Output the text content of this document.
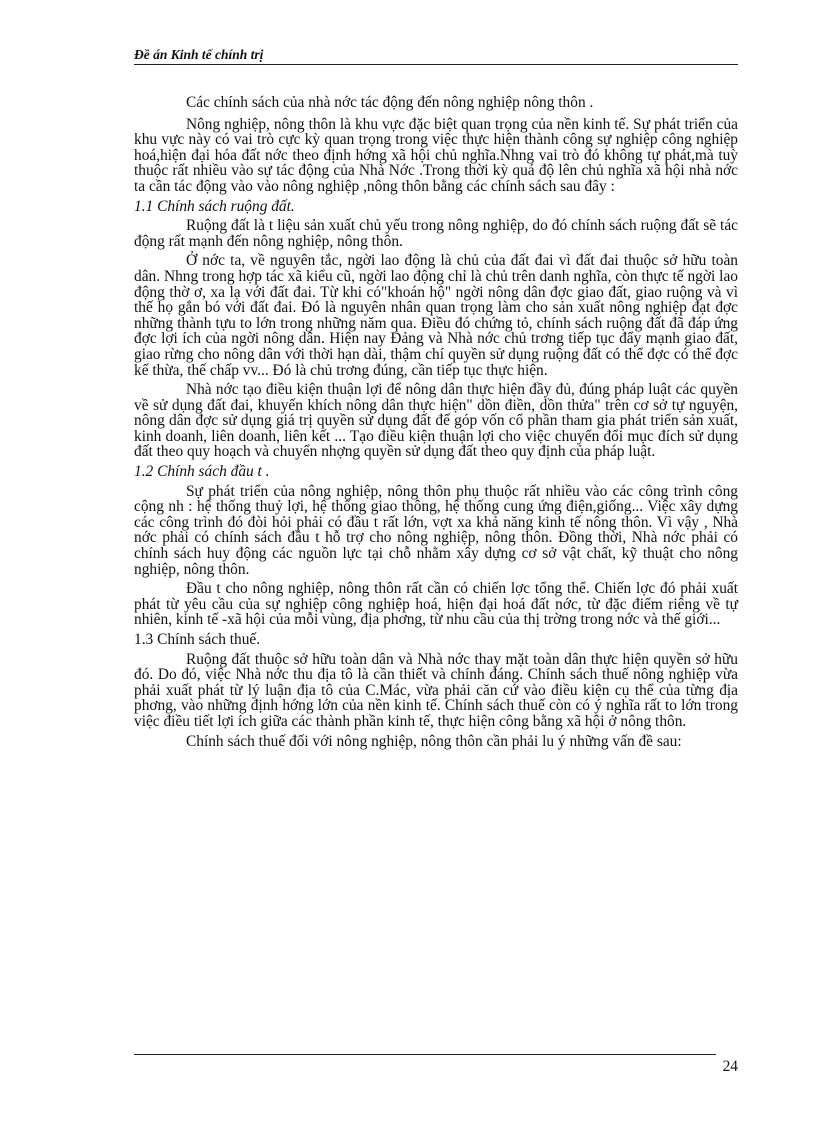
Đề án Kinh tế chính trị

Các chính sách của nhà nớc tác động đến nông nghiệp nông thôn .

Nông nghiệp, nông thôn là khu vực đặc biệt quan trọng của nền kinh tế. Sự phát triển của khu vực này có vai trò cực kỳ quan trọng trong việc thực hiện thành công sự nghiệp công nghiệp hoá,hiện đại hóa đất nớc theo định hớng xã hội chủ nghĩa.Nhng vai trò đó không tự phát,mà tuỳ thuộc rất nhiều vào sự tác động của Nhà Nớc .Trong thời kỳ quá độ lên chủ nghĩa xã hội nhà nớc ta cần tác động vào vào nông nghiệp ,nông thôn bằng các chính sách sau đây :

1.1 Chính sách ruộng đất.

Ruộng đất là t liệu sản xuất chủ yếu trong nông nghiệp, do đó chính sách ruộng đất sẽ tác động rất mạnh đến nông nghiệp, nông thôn.

Ở nớc ta, về nguyên tắc, ngời lao động là chủ của đất đai vì đất đai thuộc sở hữu toàn dân. Nhng trong hợp tác xã kiểu cũ, ngời lao động chỉ là chủ trên danh nghĩa, còn thực tế ngời lao động thờ ơ, xa lạ với đất đai. Từ khi có"khoán hộ" ngời nông dân đợc giao đất, giao ruộng và vì thế họ gắn bó với đất đai. Đó là nguyên nhân quan trọng làm cho sản xuất nông nghiệp đạt đợc những thành tựu to lớn trong những năm qua. Điều đó chứng tỏ, chính sách ruộng đất đã đáp ứng đợc lợi ích của ngời nông dân. Hiện nay Đảng và Nhà nớc chủ trơng tiếp tục đẩy mạnh giao đất, giao rừng cho nông dân với thời hạn dài, thậm chí quyền sử dụng ruộng đất có thể đợc có thể đợc kế thừa, thế chấp vv... Đó là chủ trơng đúng, cần tiếp tục thực hiện.

Nhà nớc tạo điều kiện thuận lợi để nông dân thực hiện đầy đủ, đúng pháp luật các quyền về sử dụng đất đai, khuyến khích nông dân thực hiện" dồn điền, dồn thửa" trên cơ sở tự nguyện, nông dân đợc sử dụng giá trị quyền sử dụng đất để góp vốn cổ phần tham gia phát triển sản xuất, kinh doanh, liên doanh, liên kết ... Tạo điều kiện thuận lợi cho việc chuyển đổi mục đích sử dụng đất theo quy hoạch và chuyển nhợng quyền sử dụng đất theo quy định của pháp luật.

1.2 Chính sách đầu t .

Sự phát triển của nông nghiệp, nông thôn phụ thuộc rất nhiều vào các công trình công cộng nh : hệ thống thuỷ lợi, hệ thống giao thông, hệ thống cung ứng điện,giống... Việc xây dựng các công trình đó đòi hỏi phải có đầu t rất lớn, vợt xa khả năng kinh tế nông thôn. Vì vậy , Nhà nớc phải có chính sách đầu t hỗ trợ cho nông nghiệp, nông thôn. Đồng thời, Nhà nớc phải có chính sách huy động các nguồn lực tại chỗ nhằm xây dựng cơ sở vật chất, kỹ thuật cho nông nghiệp, nông thôn.

Đầu t cho nông nghiệp, nông thôn rất cần có chiến lợc tổng thể. Chiến lợc đó phải xuất phát từ yêu cầu của sự nghiệp công nghiệp hoá, hiện đại hoá đất nớc, từ đặc điểm riêng về tự nhiên, kinh tế -xã hội của mỗi vùng, địa phơng, từ nhu cầu của thị trờng trong nớc và thế giới...

1.3 Chính sách thuế.

Ruộng đất thuộc sở hữu toàn dân và Nhà nớc thay mặt toàn dân thực hiện quyền sở hữu đó. Do đó, việc Nhà nớc thu địa tô là cần thiết và chính đáng. Chính sách thuế nông nghiệp vừa phải xuất phát từ lý luận địa tô của C.Mác, vừa phải căn cứ vào điều kiện cụ thể của từng địa phơng, vào những định hớng lớn của nền kinh tế. Chính sách thuế còn có ý nghĩa rất to lớn trong việc điều tiết lợi ích giữa các thành phần kinh tế, thực hiện công bằng xã hội ở nông thôn.

Chính sách thuế đối với nông nghiệp, nông thôn cần phải lu ý những vấn đề sau:

24
